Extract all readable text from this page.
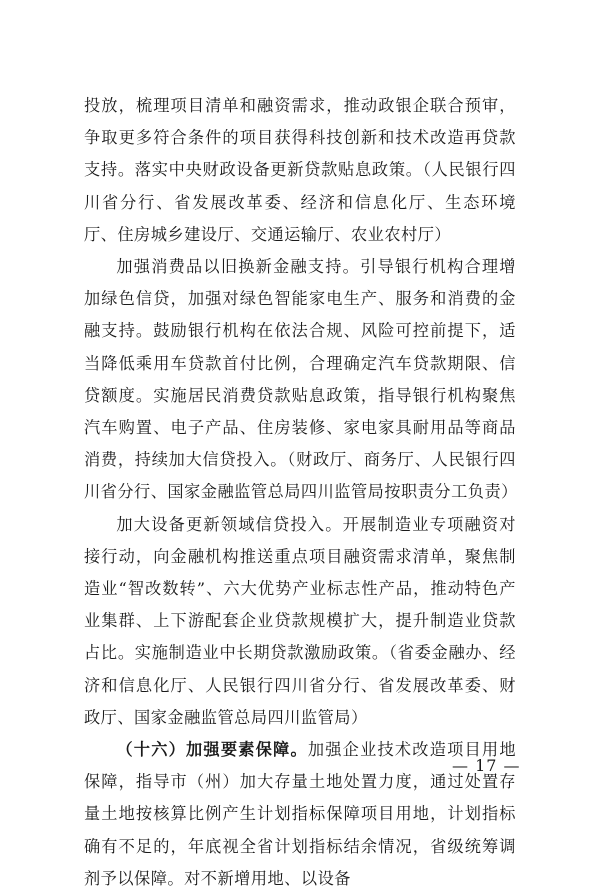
投放，梳理项目清单和融资需求，推动政银企联合预审，争取更多符合条件的项目获得科技创新和技术改造再贷款支持。落实中央财政设备更新贷款贴息政策。（人民银行四川省分行、省发展改革委、经济和信息化厅、生态环境厅、住房城乡建设厅、交通运输厅、农业农村厅）

加强消费品以旧换新金融支持。引导银行机构合理增加绿色信贷，加强对绿色智能家电生产、服务和消费的金融支持。鼓励银行机构在依法合规、风险可控前提下，适当降低乘用车贷款首付比例，合理确定汽车贷款期限、信贷额度。实施居民消费贷款贴息政策，指导银行机构聚焦汽车购置、电子产品、住房装修、家电家具耐用品等商品消费，持续加大信贷投入。（财政厅、商务厅、人民银行四川省分行、国家金融监管总局四川监管局按职责分工负责）

加大设备更新领域信贷投入。开展制造业专项融资对接行动，向金融机构推送重点项目融资需求清单，聚焦制造业“智改数转”、六大优势产业标志性产品，推动特色产业集群、上下游配套企业贷款规模扩大，提升制造业贷款占比。实施制造业中长期贷款激励政策。（省委金融办、经济和信息化厅、人民银行四川省分行、省发展改革委、财政厅、国家金融监管总局四川监管局）

（十六）加强要素保障。加强企业技术改造项目用地保障，指导市（州）加大存量土地处置力度，通过处置存量土地按核算比例产生计划指标保障项目用地，计划指标确有不足的，年底视全省计划指标结余情况，省级统筹调剂予以保障。对不新增用地、以设备

— 17 —
